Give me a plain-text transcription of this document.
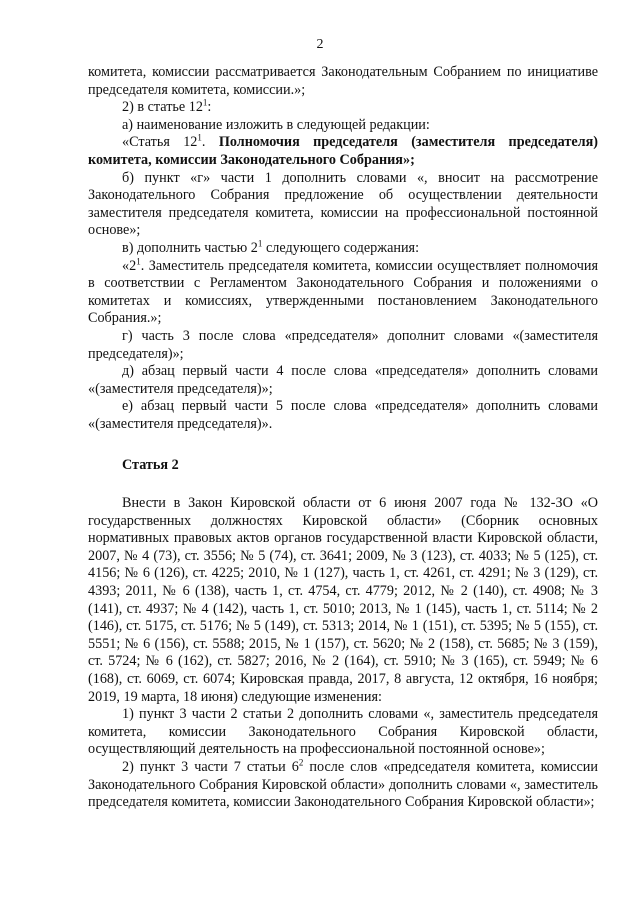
2

комитета, комиссии рассматривается Законодательным Собранием по инициативе председателя комитета, комиссии.»;

2) в статье $12^1$:

а) наименование изложить в следующей редакции:

«Статья $12^1$. Полномочия председателя (заместителя председателя) комитета, комиссии Законодательного Собрания»;

б) пункт «г» части 1 дополнить словами «, вносит на рассмотрение Законодательного Собрания предложение об осуществлении деятельности заместителя председателя комитета, комиссии на профессиональной постоянной основе»;

в) дополнить частью $2^1$ следующего содержания:

«$2^1$. Заместитель председателя комитета, комиссии осуществляет полномочия в соответствии с Регламентом Законодательного Собрания и положениями о комитетах и комиссиях, утвержденными постановлением Законодательного Собрания.»;

г) часть 3 после слова «председателя» дополнит словами «(заместителя председателя)»;

д) абзац первый части 4 после слова «председателя» дополнить словами «(заместителя председателя)»;

е) абзац первый части 5 после слова «председателя» дополнить словами «(заместителя председателя)».

Статья 2

Внести в Закон Кировской области от 6 июня 2007 года № 132-ЗО «О государственных должностях Кировской области» (Сборник основных нормативных правовых актов органов государственной власти Кировской области, 2007, № 4 (73), ст. 3556; № 5 (74), ст. 3641; 2009, № 3 (123), ст. 4033; № 5 (125), ст. 4156; № 6 (126), ст. 4225; 2010, № 1 (127), часть 1, ст. 4261, ст. 4291; № 3 (129), ст. 4393; 2011, № 6 (138), часть 1, ст. 4754, ст. 4779; 2012, № 2 (140), ст. 4908; № 3 (141), ст. 4937; № 4 (142), часть 1, ст. 5010; 2013, № 1 (145), часть 1, ст. 5114; № 2 (146), ст. 5175, ст. 5176; № 5 (149), ст. 5313; 2014, № 1 (151), ст. 5395; № 5 (155), ст. 5551; № 6 (156), ст. 5588; 2015, № 1 (157), ст. 5620; № 2 (158), ст. 5685; № 3 (159), ст. 5724; № 6 (162), ст. 5827; 2016, № 2 (164), ст. 5910; № 3 (165), ст. 5949; № 6 (168), ст. 6069, ст. 6074; Кировская правда, 2017, 8 августа, 12 октября, 16 ноября; 2019, 19 марта, 18 июня) следующие изменения:

1) пункт 3 части 2 статьи 2 дополнить словами «, заместитель председателя комитета, комиссии Законодательного Собрания Кировской области, осуществляющий деятельность на профессиональной постоянной основе»;

2) пункт 3 части 7 статьи $6^2$ после слов «председателя комитета, комиссии Законодательного Собрания Кировской области» дополнить словами «, заместитель председателя комитета, комиссии Законодательного Собрания Кировской области»;
